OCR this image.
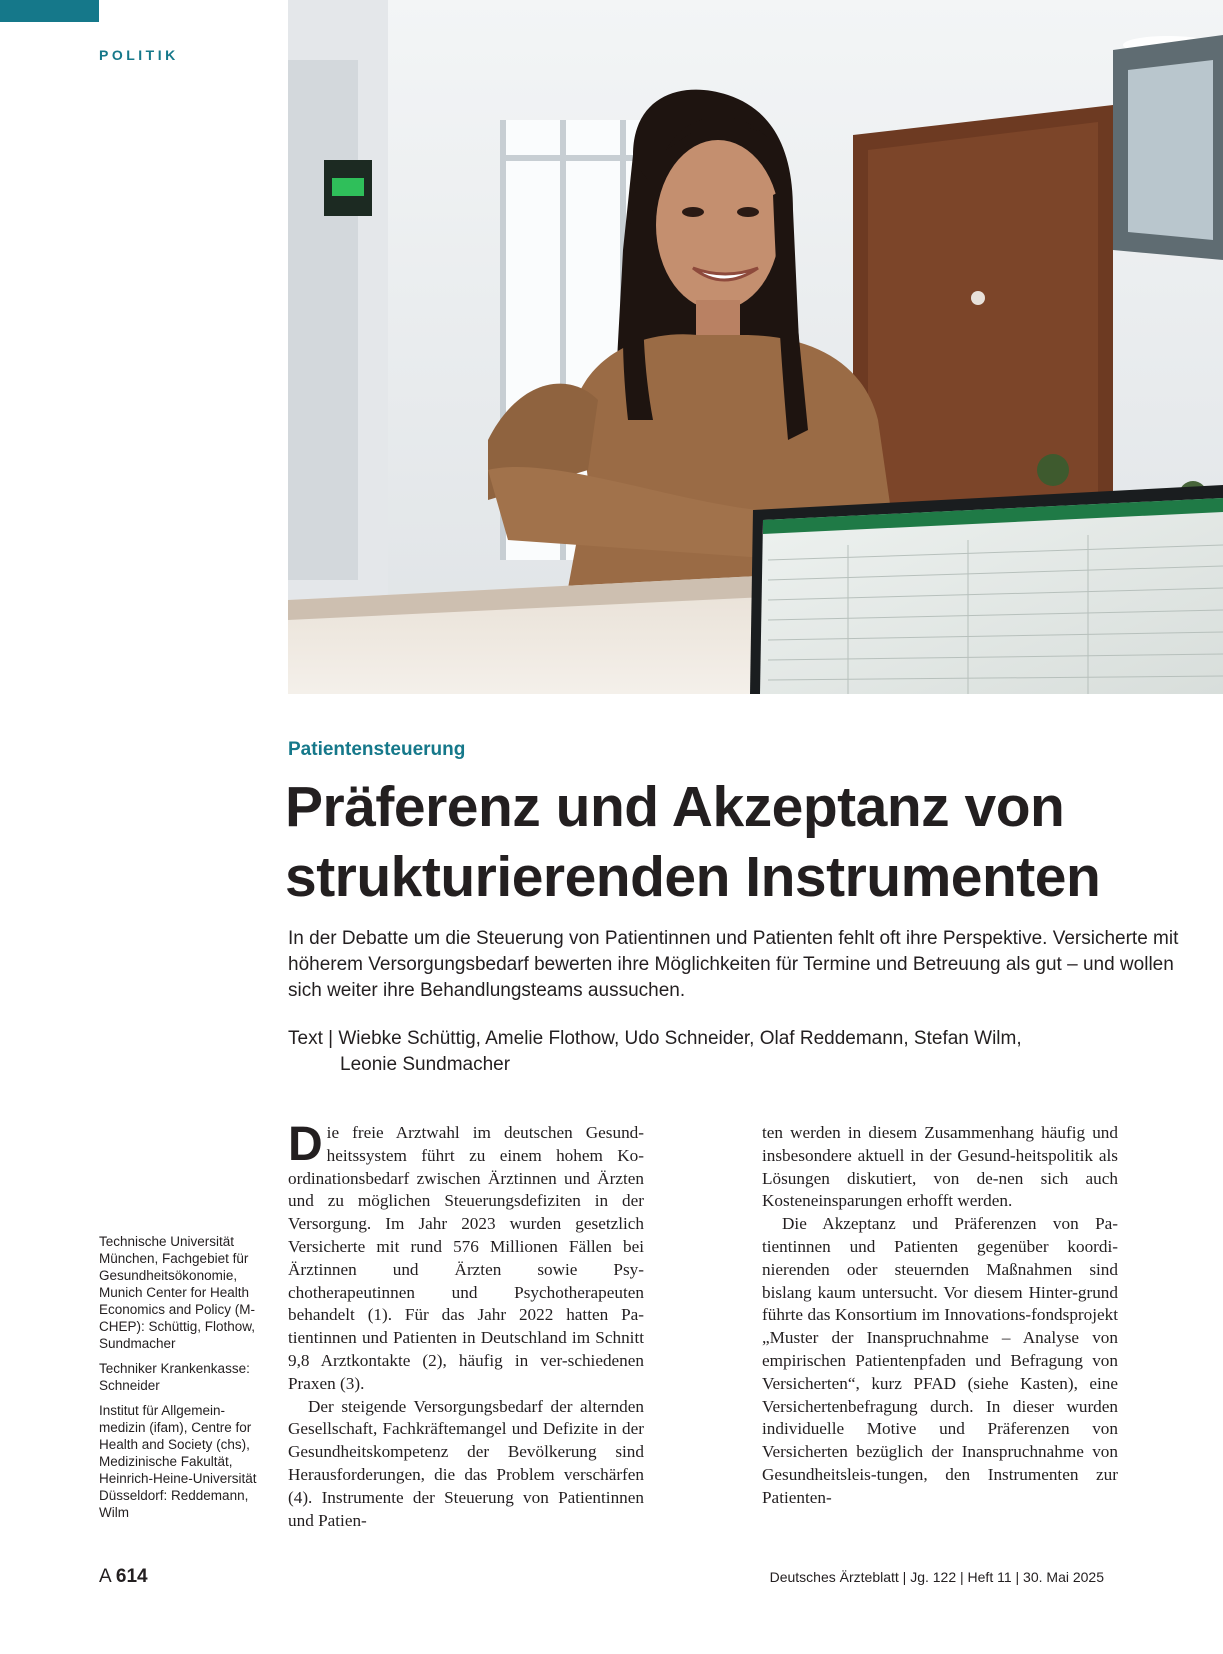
POLITIK
Patientensteuerung
Präferenz und Akzeptanz von
strukturierenden Instrumenten

In der Debatte um die Steuerung von Patientinnen und Patienten fehlt oft ihre Perspektive. Versicherte mit höherem Versorgungsbedarf bewerten ihre Möglichkeiten für Termine und Betreuung als gut – und wollen sich weiter ihre Behandlungsteams aussuchen.

Text | Wiebke Schüttig, Amelie Flothow, Udo Schneider, Olaf Reddemann, Stefan Wilm,
Leonie Sundmacher

Technische Universität München, Fachgebiet für Gesundheitsökonomie, Munich Center for Health Economics and Policy (M-CHEP): Schüttig, Flothow, Sundmacher

Techniker Krankenkasse: Schneider

Institut für Allgemein-medizin (ifam), Centre for Health and Society (chs), Medizinische Fakultät, Heinrich-Heine-Universität Düsseldorf: Reddemann, Wilm

Die freie Arztwahl im deutschen Gesund-heitssystem führt zu einem hohem Ko-ordinationsbedarf zwischen Ärztinnen und Ärzten und zu möglichen Steuerungsdefiziten in der Versorgung. Im Jahr 2023 wurden gesetzlich Versicherte mit rund 576 Millionen Fällen bei Ärztinnen und Ärzten sowie Psy-chotherapeutinnen und Psychotherapeuten behandelt (1). Für das Jahr 2022 hatten Pa-tientinnen und Patienten in Deutschland im Schnitt 9,8 Arztkontakte (2), häufig in ver-schiedenen Praxen (3).

Der steigende Versorgungsbedarf der alternden Gesellschaft, Fachkräftemangel und Defizite in der Gesundheitskompetenz der Bevölkerung sind Herausforderungen, die das Problem verschärfen (4). Instrumente der Steuerung von Patientinnen und Patien-

ten werden in diesem Zusammenhang häufig und insbesondere aktuell in der Gesund-heitspolitik als Lösungen diskutiert, von de-nen sich auch Kosteneinsparungen erhofft werden.

Die Akzeptanz und Präferenzen von Pa-tientinnen und Patienten gegenüber koordi-nierenden oder steuernden Maßnahmen sind bislang kaum untersucht. Vor diesem Hinter-grund führte das Konsortium im Innovations-fondsprojekt „Muster der Inanspruchnahme – Analyse von empirischen Patientenpfaden und Befragung von Versicherten“, kurz PFAD (siehe Kasten), eine Versichertenbefragung durch. In dieser wurden individuelle Motive und Präferenzen von Versicherten bezüglich der Inanspruchnahme von Gesundheitsleis-tungen, den Instrumenten zur Patienten-

A 614	Deutsches Ärzteblatt | Jg. 122 | Heft 11 | 30. Mai 2025
